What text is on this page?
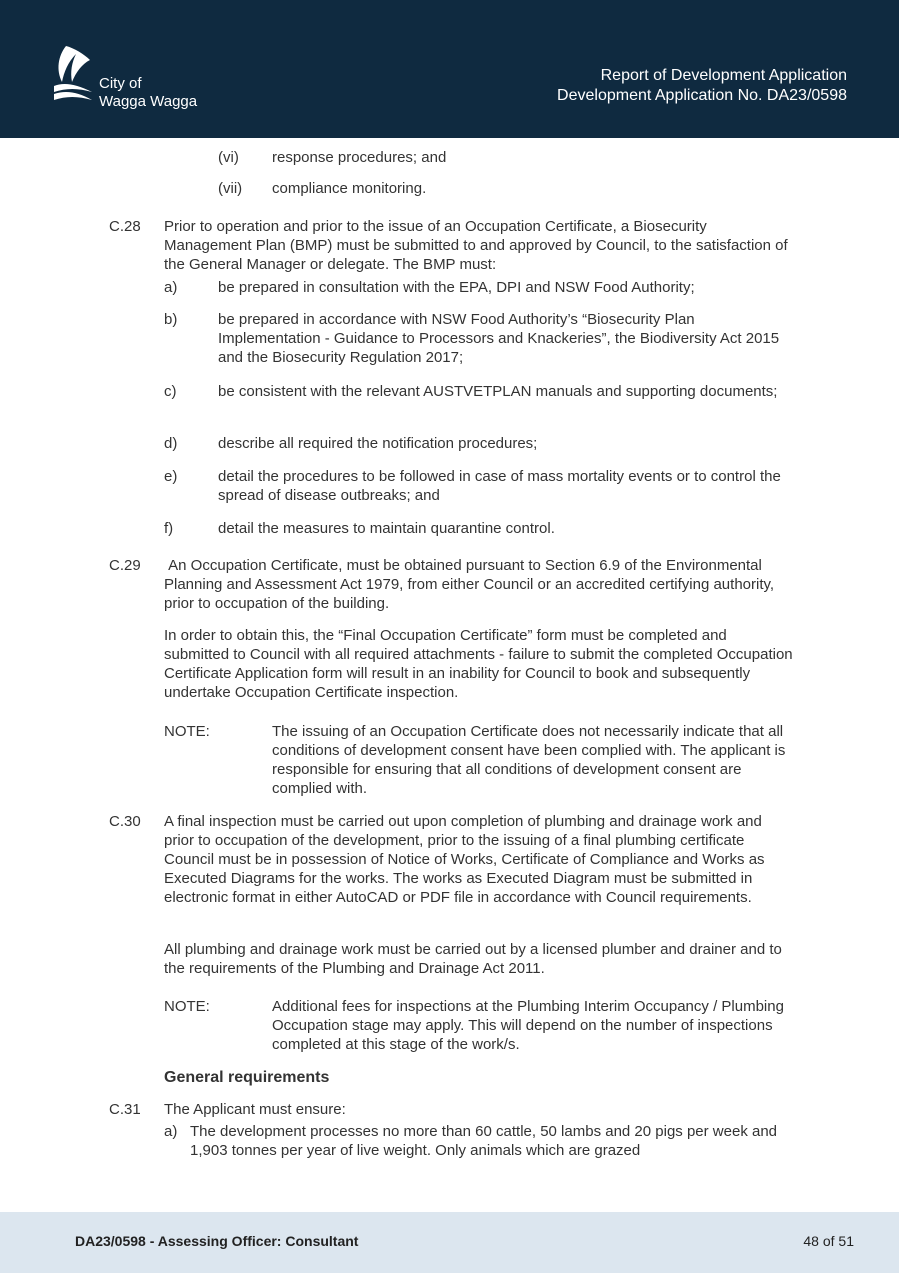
City of
Wagga Wagga
Report of Development Application
Development Application No. DA23/0598
(vi) response procedures; and
(vii) compliance monitoring.
C.28 Prior to operation and prior to the issue of an Occupation Certificate, a Biosecurity Management Plan (BMP) must be submitted to and approved by Council, to the satisfaction of the General Manager or delegate. The BMP must:
a)	be prepared in consultation with the EPA, DPI and NSW Food Authority;
b)	be prepared in accordance with NSW Food Authority’s “Biosecurity Plan Implementation - Guidance to Processors and Knackeries”, the Biodiversity Act 2015 and the Biosecurity Regulation 2017;
c)	be consistent with the relevant AUSTVETPLAN manuals and supporting documents;
d)	describe all required the notification procedures;
e)	detail the procedures to be followed in case of mass mortality events or to control the spread of disease outbreaks; and
f)	detail the measures to maintain quarantine control.
C.29 An Occupation Certificate, must be obtained pursuant to Section 6.9 of the Environmental Planning and Assessment Act 1979, from either Council or an accredited certifying authority, prior to occupation of the building.
In order to obtain this, the “Final Occupation Certificate” form must be completed and submitted to Council with all required attachments - failure to submit the completed Occupation Certificate Application form will result in an inability for Council to book and subsequently undertake Occupation Certificate inspection.
NOTE:	The issuing of an Occupation Certificate does not necessarily indicate that all conditions of development consent have been complied with. The applicant is responsible for ensuring that all conditions of development consent are complied with.
C.30 A final inspection must be carried out upon completion of plumbing and drainage work and prior to occupation of the development, prior to the issuing of a final plumbing certificate Council must be in possession of Notice of Works, Certificate of Compliance and Works as Executed Diagrams for the works. The works as Executed Diagram must be submitted in electronic format in either AutoCAD or PDF file in accordance with Council requirements.
All plumbing and drainage work must be carried out by a licensed plumber and drainer and to the requirements of the Plumbing and Drainage Act 2011.
NOTE:	Additional fees for inspections at the Plumbing Interim Occupancy / Plumbing Occupation stage may apply. This will depend on the number of inspections completed at this stage of the work/s.
General requirements
C.31 The Applicant must ensure:
a) The development processes no more than 60 cattle, 50 lambs and 20 pigs per week and 1,903 tonnes per year of live weight. Only animals which are grazed
DA23/0598 - Assessing Officer: Consultant	48 of 51
